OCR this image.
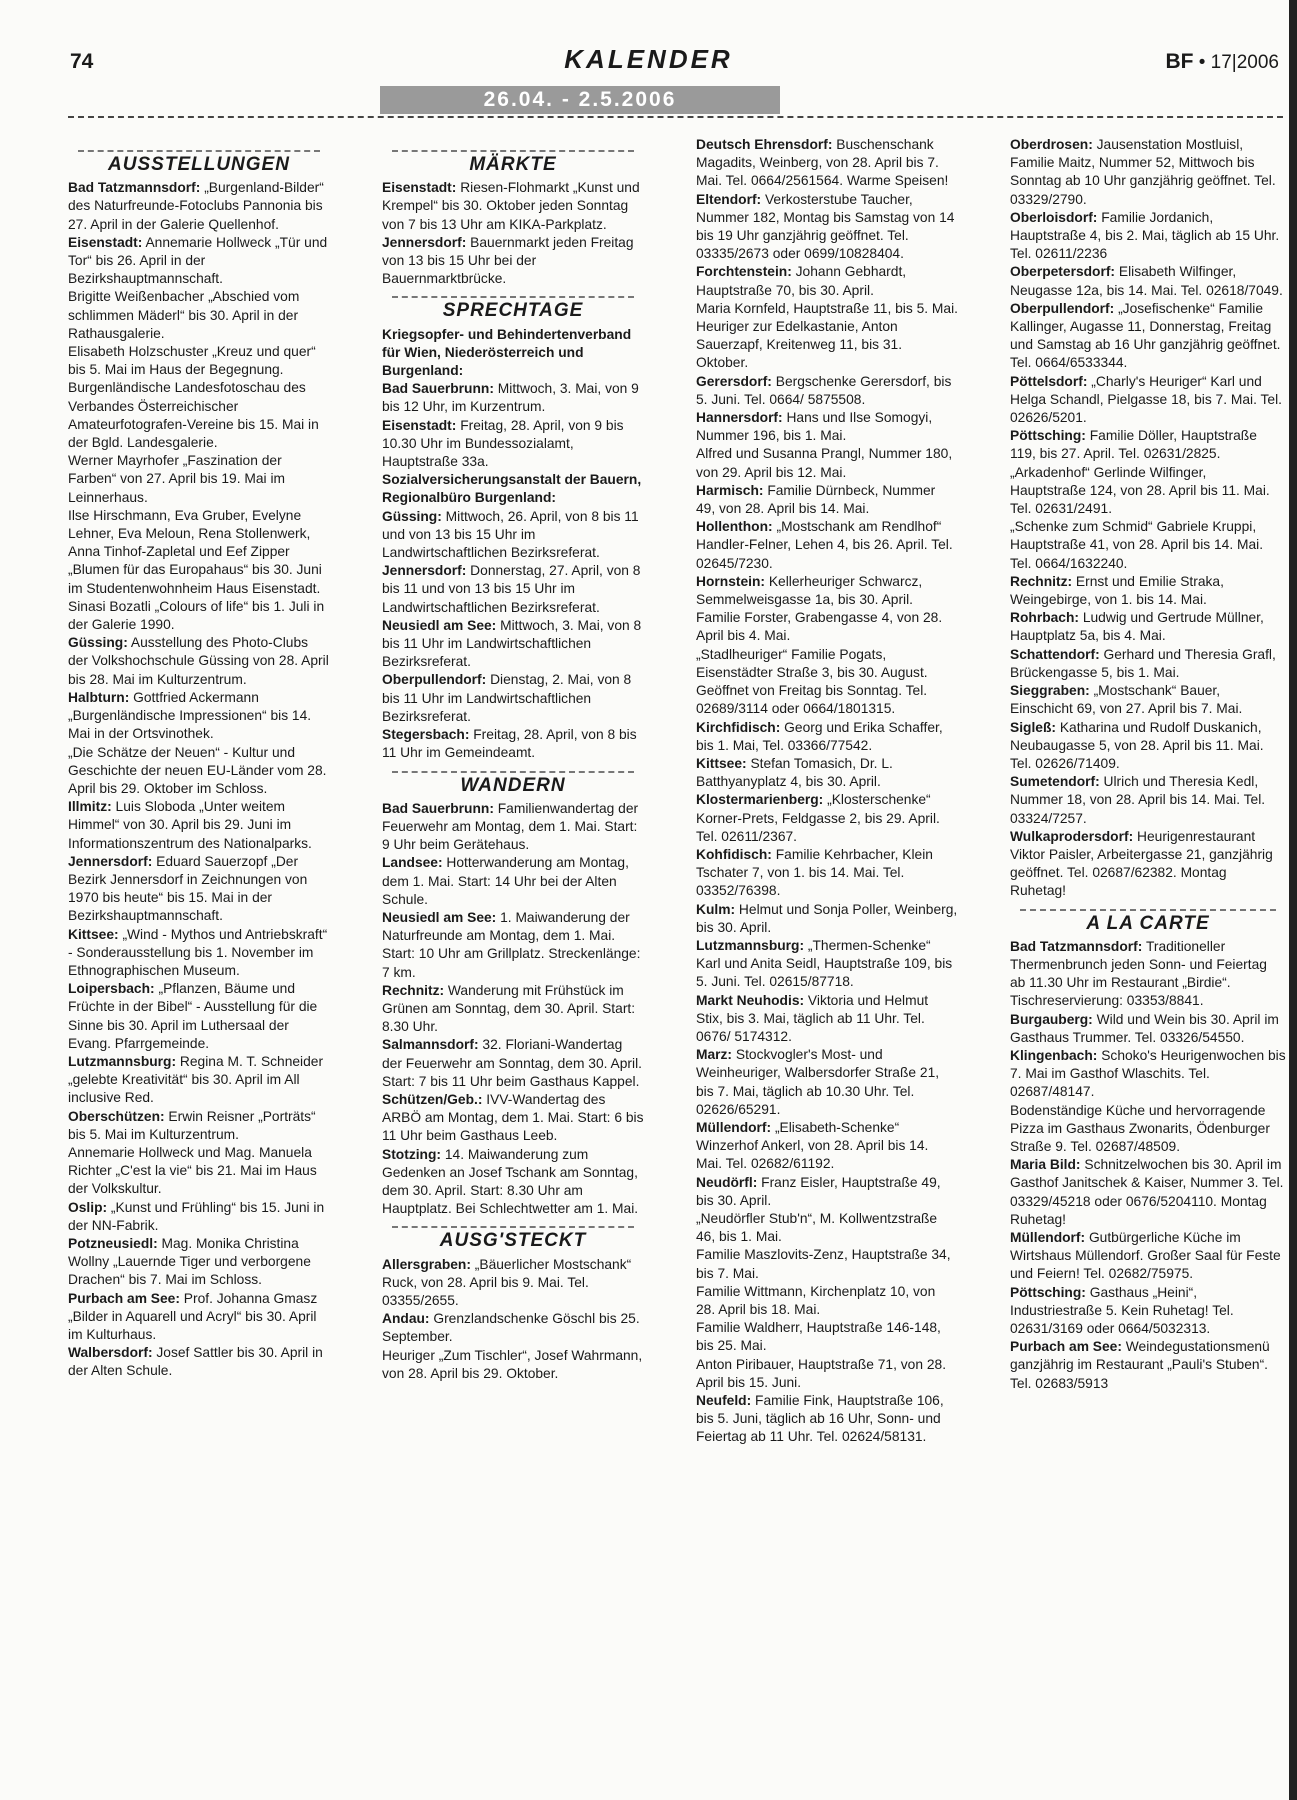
74	KALENDER	BF • 17|2006
26.04. - 2.5.2006
AUSSTELLUNGEN
Bad Tatzmannsdorf: „Burgenland-Bilder“ des Naturfreunde-Fotoclubs Pannonia bis 27. April in der Galerie Quellenhof.
Eisenstadt: Annemarie Hollweck „Tür und Tor“ bis 26. April in der Bezirkshauptmannschaft.
Brigitte Weißenbacher „Abschied vom schlimmen Mäderl“ bis 30. April in der Rathausgalerie.
Elisabeth Holzschuster „Kreuz und quer“ bis 5. Mai im Haus der Begegnung.
Burgenländische Landesfotoschau des Verbandes Österreichischer Amateurfotografen-Vereine bis 15. Mai in der Bgld. Landesgalerie.
Werner Mayrhofer „Faszination der Farben“ von 27. April bis 19. Mai im Leinnerhaus.
Ilse Hirschmann, Eva Gruber, Evelyne Lehner, Eva Meloun, Rena Stollenwerk, Anna Tinhof-Zapletal und Eef Zipper „Blumen für das Europahaus“ bis 30. Juni im Studentenwohnheim Haus Eisenstadt.
Sinasi Bozatli „Colours of life“ bis 1. Juli in der Galerie 1990.
Güssing: Ausstellung des Photo-Clubs der Volkshochschule Güssing von 28. April bis 28. Mai im Kulturzentrum.
Halbturn: Gottfried Ackermann „Burgenländische Impressionen“ bis 14. Mai in der Ortsvinothek.
„Die Schätze der Neuen“ - Kultur und Geschichte der neuen EU-Länder vom 28. April bis 29. Oktober im Schloss.
Illmitz: Luis Sloboda „Unter weitem Himmel“ von 30. April bis 29. Juni im Informationszentrum des Nationalparks.
Jennersdorf: Eduard Sauerzopf „Der Bezirk Jennersdorf in Zeichnungen von 1970 bis heute“ bis 15. Mai in der Bezirkshauptmannschaft.
Kittsee: „Wind - Mythos und Antriebskraft“ - Sonderausstellung bis 1. November im Ethnographischen Museum.
Loipersbach: „Pflanzen, Bäume und Früchte in der Bibel“ - Ausstellung für die Sinne bis 30. April im Luthersaal der Evang. Pfarrgemeinde.
Lutzmannsburg: Regina M. T. Schneider „gelebte Kreativität“ bis 30. April im All inclusive Red.
Oberschützen: Erwin Reisner „Porträts“ bis 5. Mai im Kulturzentrum.
Annemarie Hollweck und Mag. Manuela Richter „C'est la vie“ bis 21. Mai im Haus der Volkskultur.
Oslip: „Kunst und Frühling“ bis 15. Juni in der NN-Fabrik.
Potzneusiedl: Mag. Monika Christina Wollny „Lauernde Tiger und verborgene Drachen“ bis 7. Mai im Schloss.
Purbach am See: Prof. Johanna Gmasz „Bilder in Aquarell und Acryl“ bis 30. April im Kulturhaus.
Walbersdorf: Josef Sattler bis 30. April in der Alten Schule.
MÄRKTE
Eisenstadt: Riesen-Flohmarkt „Kunst und Krempel“ bis 30. Oktober jeden Sonntag von 7 bis 13 Uhr am KIKA-Parkplatz.
Jennersdorf: Bauernmarkt jeden Freitag von 13 bis 15 Uhr bei der Bauernmarktbrücke.
SPRECHTAGE
Kriegsopfer- und Behindertenverband für Wien, Niederösterreich und Burgenland:
Bad Sauerbrunn: Mittwoch, 3. Mai, von 9 bis 12 Uhr, im Kurzentrum.
Eisenstadt: Freitag, 28. April, von 9 bis 10.30 Uhr im Bundessozialamt, Hauptstraße 33a.
Sozialversicherungsanstalt der Bauern, Regionalbüro Burgenland:
Güssing: Mittwoch, 26. April, von 8 bis 11 und von 13 bis 15 Uhr im Landwirtschaftlichen Bezirksreferat.
Jennersdorf: Donnerstag, 27. April, von 8 bis 11 und von 13 bis 15 Uhr im Landwirtschaftlichen Bezirksreferat.
Neusiedl am See: Mittwoch, 3. Mai, von 8 bis 11 Uhr im Landwirtschaftlichen Bezirksreferat.
Oberpullendorf: Dienstag, 2. Mai, von 8 bis 11 Uhr im Landwirtschaftlichen Bezirksreferat.
Stegersbach: Freitag, 28. April, von 8 bis 11 Uhr im Gemeindeamt.
WANDERN
Bad Sauerbrunn: Familienwandertag der Feuerwehr am Montag, dem 1. Mai. Start: 9 Uhr beim Gerätehaus.
Landsee: Hotterwanderung am Montag, dem 1. Mai. Start: 14 Uhr bei der Alten Schule.
Neusiedl am See: 1. Maiwanderung der Naturfreunde am Montag, dem 1. Mai. Start: 10 Uhr am Grillplatz. Streckenlänge: 7 km.
Rechnitz: Wanderung mit Frühstück im Grünen am Sonntag, dem 30. April. Start: 8.30 Uhr.
Salmannsdorf: 32. Floriani-Wandertag der Feuerwehr am Sonntag, dem 30. April. Start: 7 bis 11 Uhr beim Gasthaus Kappel.
Schützen/Geb.: IVV-Wandertag des ARBÖ am Montag, dem 1. Mai. Start: 6 bis 11 Uhr beim Gasthaus Leeb.
Stotzing: 14. Maiwanderung zum Gedenken an Josef Tschank am Sonntag, dem 30. April. Start: 8.30 Uhr am Hauptplatz. Bei Schlechtwetter am 1. Mai.
AUSG'STECKT
Allersgraben: „Bäuerlicher Mostschank“ Ruck, von 28. April bis 9. Mai. Tel. 03355/2655.
Andau: Grenzlandschenke Göschl bis 25. September.
Heuriger „Zum Tischler“, Josef Wahrmann, von 28. April bis 29. Oktober.
Deutsch Ehrensdorf: Buschenschank Magadits, Weinberg, von 28. April bis 7. Mai. Tel. 0664/2561564. Warme Speisen!
Eltendorf: Verkosterstube Taucher, Nummer 182, Montag bis Samstag von 14 bis 19 Uhr ganzjährig geöffnet. Tel. 03335/2673 oder 0699/10828404.
Forchtenstein: Johann Gebhardt, Hauptstraße 70, bis 30. April.
Maria Kornfeld, Hauptstraße 11, bis 5. Mai.
Heuriger zur Edelkastanie, Anton Sauerzapf, Kreitenweg 11, bis 31. Oktober.
Gerersdorf: Bergschenke Gerersdorf, bis 5. Juni. Tel. 0664/ 5875508.
Hannersdorf: Hans und Ilse Somogyi, Nummer 196, bis 1. Mai.
Alfred und Susanna Prangl, Nummer 180, von 29. April bis 12. Mai.
Harmisch: Familie Dürnbeck, Nummer 49, von 28. April bis 14. Mai.
Hollenthon: „Mostschank am Rendlhof“ Handler-Felner, Lehen 4, bis 26. April. Tel. 02645/7230.
Hornstein: Kellerheuriger Schwarcz, Semmelweisgasse 1a, bis 30. April.
Familie Forster, Grabengasse 4, von 28. April bis 4. Mai.
„Stadlheuriger“ Familie Pogats, Eisenstädter Straße 3, bis 30. August. Geöffnet von Freitag bis Sonntag. Tel. 02689/3114 oder 0664/1801315.
Kirchfidisch: Georg und Erika Schaffer, bis 1. Mai, Tel. 03366/77542.
Kittsee: Stefan Tomasich, Dr. L. Batthyanyplatz 4, bis 30. April.
Klostermarienberg: „Klosterschenke“ Korner-Prets, Feldgasse 2, bis 29. April. Tel. 02611/2367.
Kohfidisch: Familie Kehrbacher, Klein Tschater 7, von 1. bis 14. Mai. Tel. 03352/76398.
Kulm: Helmut und Sonja Poller, Weinberg, bis 30. April.
Lutzmannsburg: „Thermen-Schenke“ Karl und Anita Seidl, Hauptstraße 109, bis 5. Juni. Tel. 02615/87718.
Markt Neuhodis: Viktoria und Helmut Stix, bis 3. Mai, täglich ab 11 Uhr. Tel. 0676/ 5174312.
Marz: Stockvogler's Most- und Weinheuriger, Walbersdorfer Straße 21, bis 7. Mai, täglich ab 10.30 Uhr. Tel. 02626/65291.
Müllendorf: „Elisabeth-Schenke“ Winzerhof Ankerl, von 28. April bis 14. Mai. Tel. 02682/61192.
Neudörfl: Franz Eisler, Hauptstraße 49, bis 30. April.
„Neudörfler Stub'n“, M. Kollwentzstraße 46, bis 1. Mai.
Familie Maszlovits-Zenz, Hauptstraße 34, bis 7. Mai.
Familie Wittmann, Kirchenplatz 10, von 28. April bis 18. Mai.
Familie Waldherr, Hauptstraße 146-148, bis 25. Mai.
Anton Piribauer, Hauptstraße 71, von 28. April bis 15. Juni.
Neufeld: Familie Fink, Hauptstraße 106, bis 5. Juni, täglich ab 16 Uhr, Sonn- und Feiertag ab 11 Uhr. Tel. 02624/58131.
Oberdrosen: Jausenstation Mostluisl, Familie Maitz, Nummer 52, Mittwoch bis Sonntag ab 10 Uhr ganzjährig geöffnet. Tel. 03329/2790.
Oberloisdorf: Familie Jordanich, Hauptstraße 4, bis 2. Mai, täglich ab 15 Uhr. Tel. 02611/2236
Oberpetersdorf: Elisabeth Wilfinger, Neugasse 12a, bis 14. Mai. Tel. 02618/7049.
Oberpullendorf: „Josefischenke“ Familie Kallinger, Augasse 11, Donnerstag, Freitag und Samstag ab 16 Uhr ganzjährig geöffnet. Tel. 0664/6533344.
Pöttelsdorf: „Charly's Heuriger“ Karl und Helga Schandl, Pielgasse 18, bis 7. Mai. Tel. 02626/5201.
Pöttsching: Familie Döller, Hauptstraße 119, bis 27. April. Tel. 02631/2825.
„Arkadenhof“ Gerlinde Wilfinger, Hauptstraße 124, von 28. April bis 11. Mai. Tel. 02631/2491.
„Schenke zum Schmid“ Gabriele Kruppi, Hauptstraße 41, von 28. April bis 14. Mai. Tel. 0664/1632240.
Rechnitz: Ernst und Emilie Straka, Weingebirge, von 1. bis 14. Mai.
Rohrbach: Ludwig und Gertrude Müllner, Hauptplatz 5a, bis 4. Mai.
Schattendorf: Gerhard und Theresia Grafl, Brückengasse 5, bis 1. Mai.
Sieggraben: „Mostschank“ Bauer, Einschicht 69, von 27. April bis 7. Mai.
Sigleß: Katharina und Rudolf Duskanich, Neubaugasse 5, von 28. April bis 11. Mai. Tel. 02626/71409.
Sumetendorf: Ulrich und Theresia Kedl, Nummer 18, von 28. April bis 14. Mai. Tel. 03324/7257.
Wulkaprodersdorf: Heurigenrestaurant Viktor Paisler, Arbeitergasse 21, ganzjährig geöffnet. Tel. 02687/62382. Montag Ruhetag!
A LA CARTE
Bad Tatzmannsdorf: Traditioneller Thermenbrunch jeden Sonn- und Feiertag ab 11.30 Uhr im Restaurant „Birdie“. Tischreservierung: 03353/8841.
Burgauberg: Wild und Wein bis 30. April im Gasthaus Trummer. Tel. 03326/54550.
Klingenbach: Schoko's Heurigenwochen bis 7. Mai im Gasthof Wlaschits. Tel. 02687/48147.
Bodenständige Küche und hervorragende Pizza im Gasthaus Zwonarits, Ödenburger Straße 9. Tel. 02687/48509.
Maria Bild: Schnitzelwochen bis 30. April im Gasthof Janitschek & Kaiser, Nummer 3. Tel. 03329/45218 oder 0676/5204110. Montag Ruhetag!
Müllendorf: Gutbürgerliche Küche im Wirtshaus Müllendorf. Großer Saal für Feste und Feiern! Tel. 02682/75975.
Pöttsching: Gasthaus „Heini“, Industriestraße 5. Kein Ruhetag! Tel. 02631/3169 oder 0664/5032313.
Purbach am See: Weindegustationsmenü ganzjährig im Restaurant „Pauli's Stuben“. Tel. 02683/5913
